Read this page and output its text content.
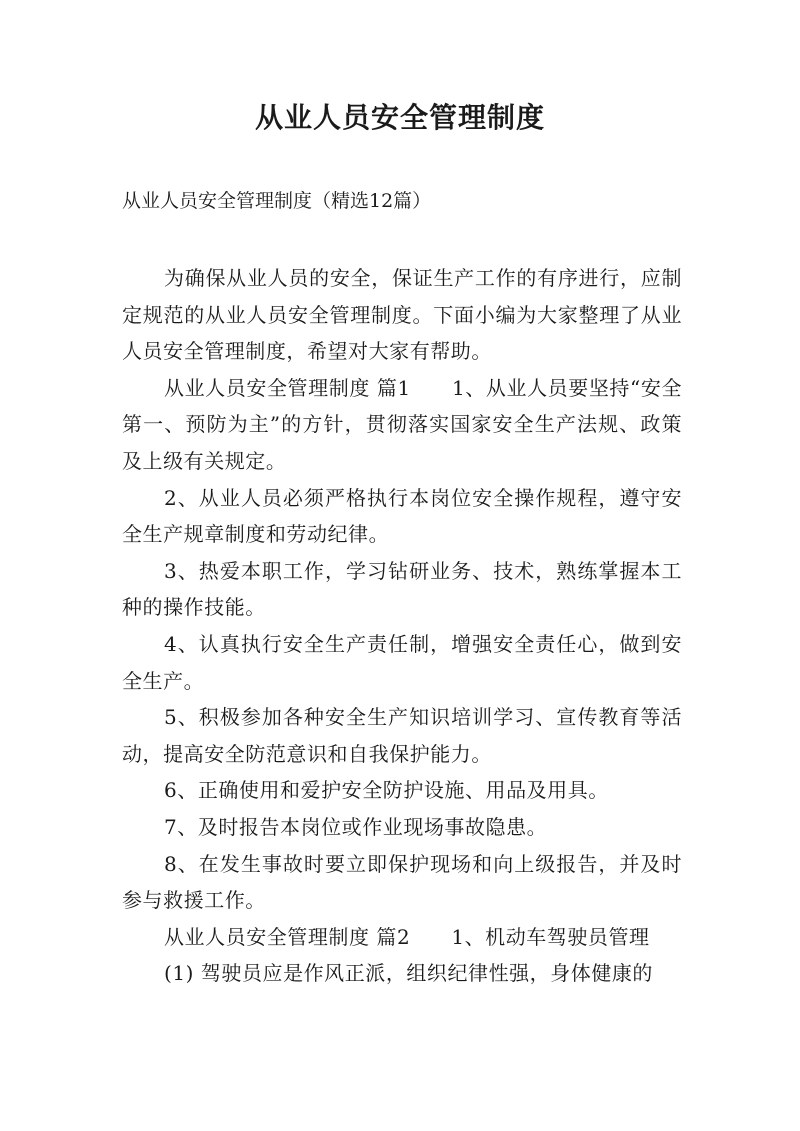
从业人员安全管理制度
从业人员安全管理制度（精选12篇）

为确保从业人员的安全，保证生产工作的有序进行，应制定规范的从业人员安全管理制度。下面小编为大家整理了从业人员安全管理制度，希望对大家有帮助。

从业人员安全管理制度 篇1　　1、从业人员要坚持“安全第一、预防为主”的方针，贯彻落实国家安全生产法规、政策及上级有关规定。

2、从业人员必须严格执行本岗位安全操作规程，遵守安全生产规章制度和劳动纪律。

3、热爱本职工作，学习钻研业务、技术，熟练掌握本工种的操作技能。

4、认真执行安全生产责任制，增强安全责任心，做到安全生产。

5、积极参加各种安全生产知识培训学习、宣传教育等活动，提高安全防范意识和自我保护能力。

6、正确使用和爱护安全防护设施、用品及用具。

7、及时报告本岗位或作业现场事故隐患。

8、在发生事故时要立即保护现场和向上级报告，并及时参与救援工作。

从业人员安全管理制度 篇2　　1、机动车驾驶员管理

(1) 驾驶员应是作风正派，组织纪律性强，身体健康的
